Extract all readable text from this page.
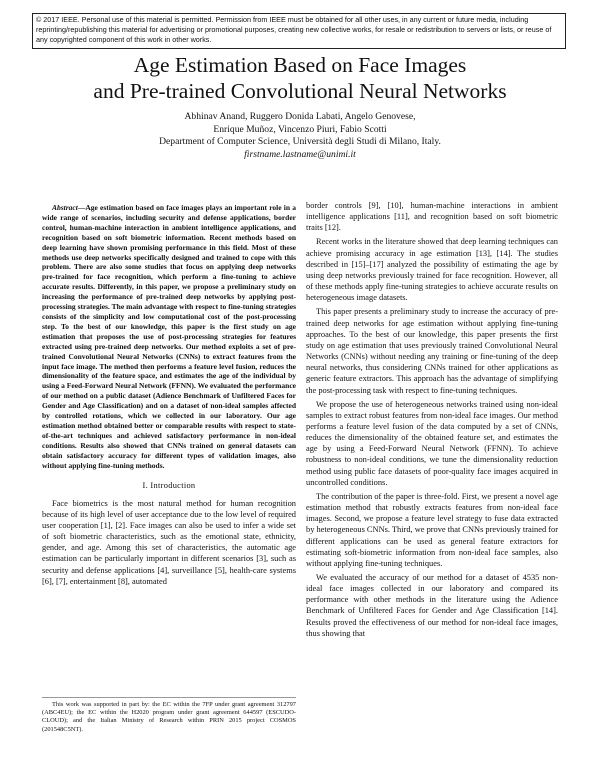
© 2017 IEEE. Personal use of this material is permitted. Permission from IEEE must be obtained for all other uses, in any current or future media, including reprinting/republishing this material for advertising or promotional purposes, creating new collective works, for resale or redistribution to servers or lists, or reuse of any copyrighted component of this work in other works.
Age Estimation Based on Face Images
and Pre-trained Convolutional Neural Networks
Abhinav Anand, Ruggero Donida Labati, Angelo Genovese,
Enrique Muñoz, Vincenzo Piuri, Fabio Scotti
Department of Computer Science, Università degli Studi di Milano, Italy.
firstname.lastname@unimi.it

Abstract—Age estimation based on face images plays an important role in a wide range of scenarios, including security and defense applications, border control, human-machine interaction in ambient intelligence applications, and recognition based on soft biometric information. Recent methods based on deep learning have shown promising performance in this field. Most of these methods use deep networks specifically designed and trained to cope with this problem. There are also some studies that focus on applying deep networks pre-trained for face recognition, which perform a fine-tuning to achieve accurate results. Differently, in this paper, we propose a preliminary study on increasing the performance of pre-trained deep networks by applying post-processing strategies. The main advantage with respect to fine-tuning strategies consists of the simplicity and low computational cost of the post-processing step. To the best of our knowledge, this paper is the first study on age estimation that proposes the use of post-processing strategies for features extracted using pre-trained deep networks. Our method exploits a set of pre-trained Convolutional Neural Networks (CNNs) to extract features from the input face image. The method then performs a feature level fusion, reduces the dimensionality of the feature space, and estimates the age of the individual by using a Feed-Forward Neural Network (FFNN). We evaluated the performance of our method on a public dataset (Adience Benchmark of Unfiltered Faces for Gender and Age Classification) and on a dataset of non-ideal samples affected by controlled rotations, which we collected in our laboratory. Our age estimation method obtained better or comparable results with respect to state-of-the-art techniques and achieved satisfactory performance in non-ideal conditions. Results also showed that CNNs trained on general datasets can obtain satisfactory accuracy for different types of validation images, also without applying fine-tuning methods.

I. Introduction

Face biometrics is the most natural method for human recognition because of its high level of user acceptance due to the low level of required user cooperation [1], [2]. Face images can also be used to infer a wide set of soft biometric characteristics, such as the emotional state, ethnicity, gender, and age. Among this set of characteristics, the automatic age estimation can be particularly important in different scenarios [3], such as security and defense applications [4], surveillance [5], health-care systems [6], [7], entertainment [8], automated

This work was supported in part by: the EC within the 7FP under grant agreement 312797 (ABC4EU); the EC within the H2020 program under grant agreement 644597 (ESCUDO-CLOUD); and the Italian Ministry of Research within PRIN 2015 project COSMOS (201548C5NT).

border controls [9], [10], human-machine interactions in ambient intelligence applications [11], and recognition based on soft biometric traits [12].

Recent works in the literature showed that deep learning techniques can achieve promising accuracy in age estimation [13], [14]. The studies described in [15]–[17] analyzed the possibility of estimating the age by using deep networks previously trained for face recognition. However, all of these methods apply fine-tuning strategies to achieve accurate results on heterogeneous image datasets.

This paper presents a preliminary study to increase the accuracy of pre-trained deep networks for age estimation without applying fine-tuning approaches. To the best of our knowledge, this paper presents the first study on age estimation that uses previously trained Convolutional Neural Networks (CNNs) without needing any training or fine-tuning of the deep neural networks, thus considering CNNs trained for other applications as generic feature extractors. This approach has the advantage of simplifying the post-processing task with respect to fine-tuning techniques.

We propose the use of heterogeneous networks trained using non-ideal samples to extract robust features from non-ideal face images. Our method performs a feature level fusion of the data computed by a set of CNNs, reduces the dimensionality of the obtained feature set, and estimates the age by using a Feed-Forward Neural Network (FFNN). To achieve robustness to non-ideal conditions, we tune the dimensionality reduction method using public face datasets of poor-quality face images acquired in uncontrolled conditions.

The contribution of the paper is three-fold. First, we present a novel age estimation method that robustly extracts features from non-ideal face images. Second, we propose a feature level strategy to fuse data extracted by heterogeneous CNNs. Third, we prove that CNNs previously trained for different applications can be used as general feature extractors for estimating soft-biometric information from non-ideal face samples, also without applying fine-tuning techniques.

We evaluated the accuracy of our method for a dataset of 4535 non-ideal face images collected in our laboratory and compared its performance with other methods in the literature using the Adience Benchmark of Unfiltered Faces for Gender and Age Classification [14]. Results proved the effectiveness of our method for non-ideal face images, thus showing that
